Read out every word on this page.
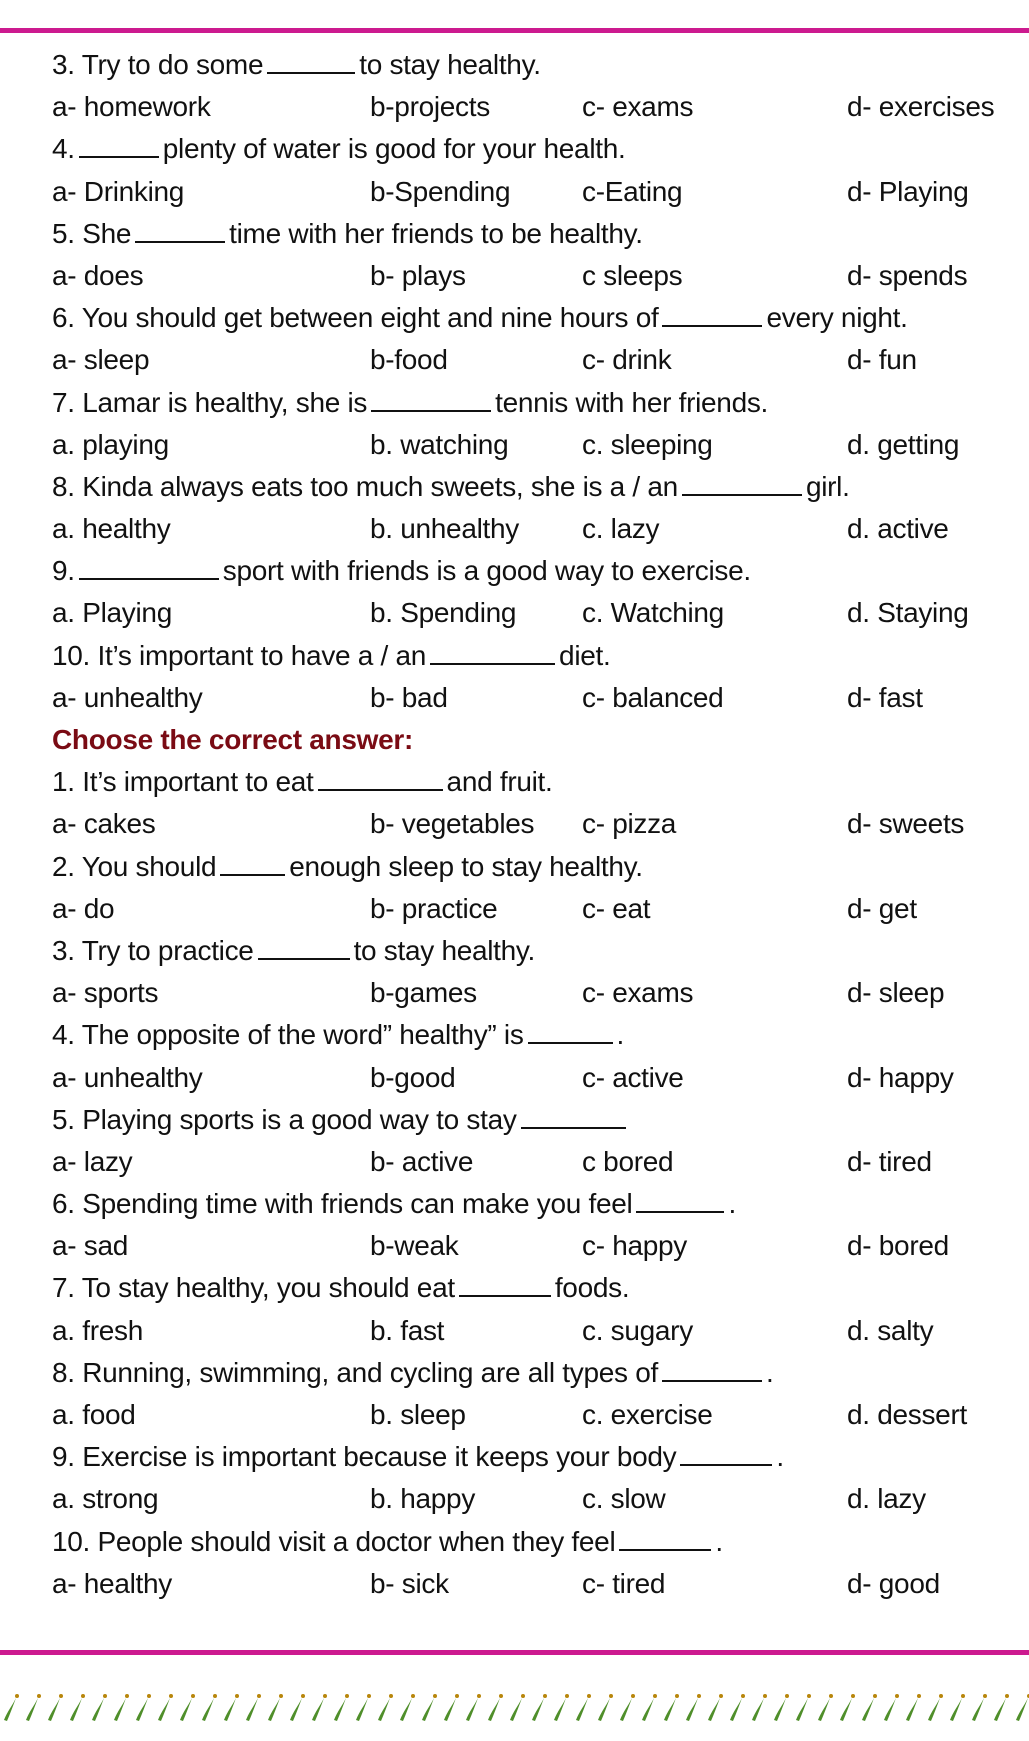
3. Try to do some	to stay healthy.
a- homework	b-projects	c- exams	d- exercises
4.	plenty of water is good for your health.
a- Drinking	b-Spending	c-Eating	d- Playing
5. She	time with her friends to be healthy.
a- does	b- plays	c sleeps	d- spends
6. You should get between eight and nine hours of	every night.
a- sleep	b-food	c- drink	d- fun
7. Lamar is healthy, she is	tennis with her friends.
a. playing	b. watching	c. sleeping	d. getting
8. Kinda always eats too much sweets, she is a / an	girl.
a. healthy	b. unhealthy c. lazy	d. active
9.	sport with friends is a good way to exercise.
a. Playing	b. Spending c. Watching	d. Staying
10. It’s important to have a / an	diet.
a- unhealthy	b- bad	c- balanced	d- fast
Choose the correct answer:
1. It’s important to eat	and fruit.
a- cakes	b- vegetables c- pizza	d- sweets
2. You should	enough sleep to stay healthy.
a- do	b- practice	c- eat	d- get
3. Try to practice	to stay healthy.
a- sports	b-games	c- exams	d- sleep
4. The opposite of the word” healthy” is	.
a- unhealthy	b-good	c- active	d- happy
5. Playing sports is a good way to stay
a- lazy	b- active	c bored	d- tired
6. Spending time with friends can make you feel	.
a- sad	b-weak	c- happy	d- bored
7. To stay healthy, you should eat	foods.
a. fresh	b. fast	c. sugary	d. salty
8. Running, swimming, and cycling are all types of	.
a. food	b. sleep	c. exercise	d. dessert
9. Exercise is important because it keeps your body	.
a. strong	b. happy	c. slow	d. lazy
10. People should visit a doctor when they feel	.
a- healthy	b- sick	c- tired	d- good
